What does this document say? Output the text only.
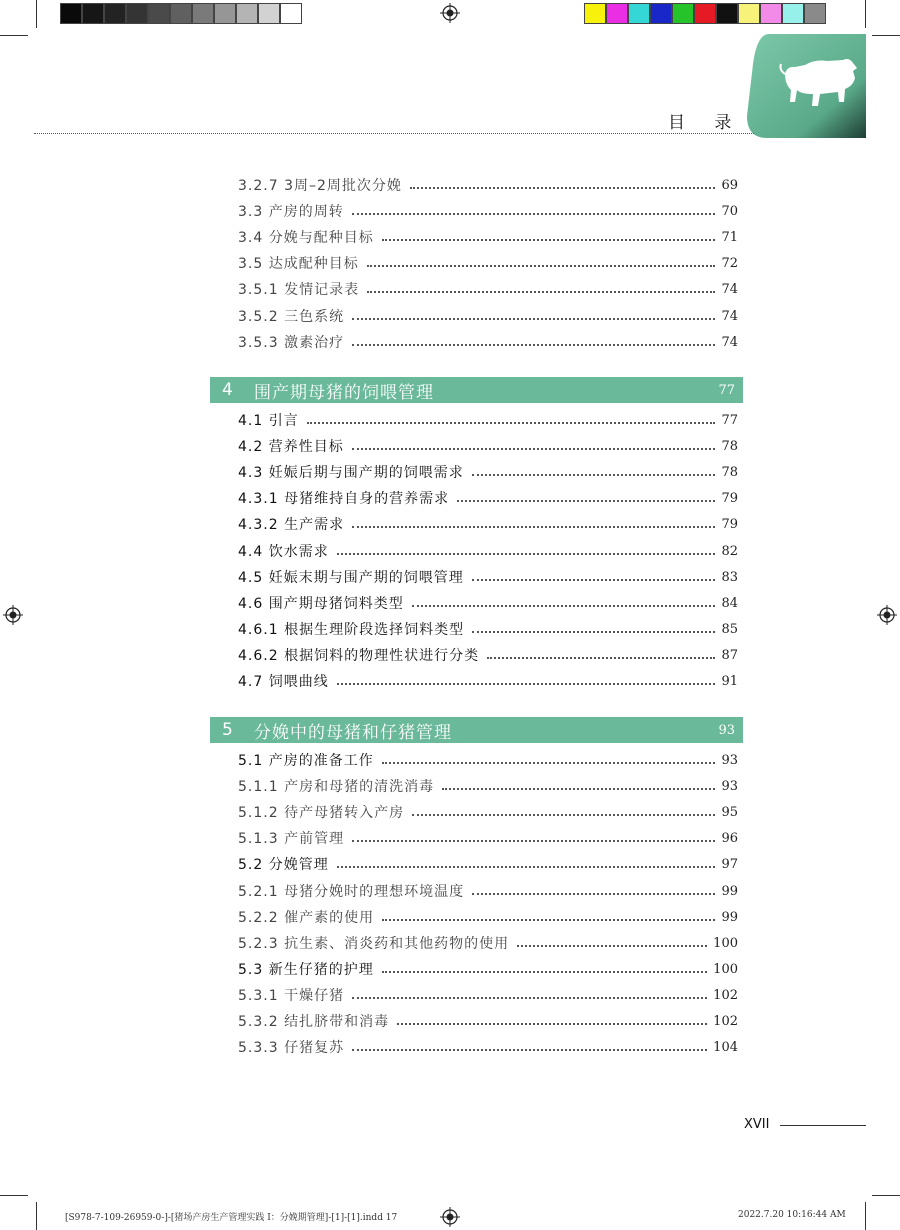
目 录
3.2.7 3周–2周批次分娩	69
3.3 产房的周转	70
3.4 分娩与配种目标	71
3.5 达成配种目标	72
3.5.1 发情记录表	74
3.5.2 三色系统	74
3.5.3 激素治疗	74
4	围产期母猪的饲喂管理	77
4.1 引言	77
4.2 营养性目标	78
4.3 妊娠后期与围产期的饲喂需求	78
4.3.1 母猪维持自身的营养需求	79
4.3.2 生产需求	79
4.4 饮水需求	82
4.5 妊娠末期与围产期的饲喂管理	83
4.6 围产期母猪饲料类型	84
4.6.1 根据生理阶段选择饲料类型	85
4.6.2 根据饲料的物理性状进行分类	87
4.7 饲喂曲线	91
5	分娩中的母猪和仔猪管理	93
5.1 产房的准备工作	93
5.1.1 产房和母猪的清洗消毒	93
5.1.2 待产母猪转入产房	95
5.1.3 产前管理	96
5.2 分娩管理	97
5.2.1 母猪分娩时的理想环境温度	99
5.2.2 催产素的使用	99
5.2.3 抗生素、消炎药和其他药物的使用	100
5.3 新生仔猪的护理	100
5.3.1 干燥仔猪	102
5.3.2 结扎脐带和消毒	102
5.3.3 仔猪复苏	104
XVII
[S978-7-109-26959-0-]-[猪场产房生产管理实践 I：分娩期管理]-[1]-[1].indd 17	2022.7.20 10:16:44 AM
